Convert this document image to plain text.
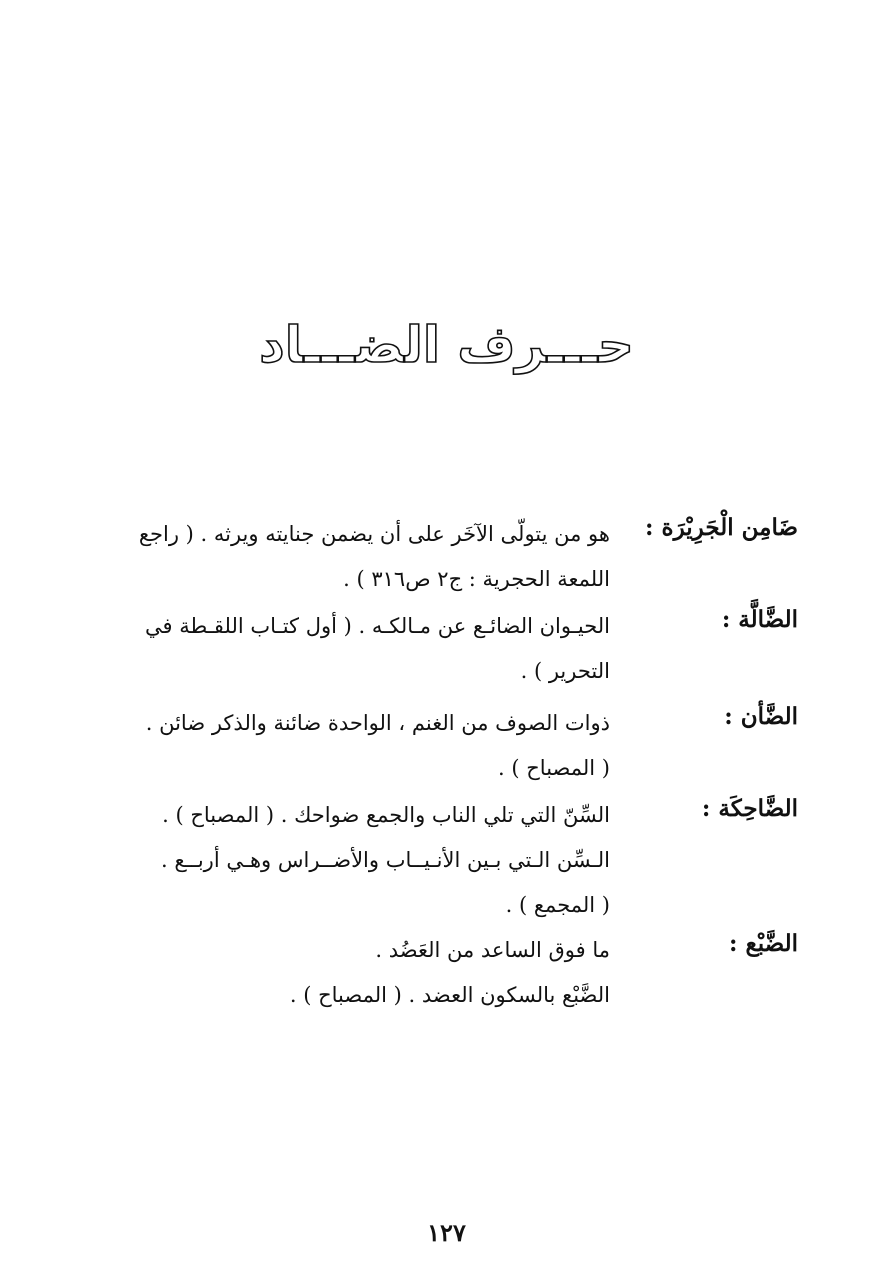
حـــرف الضـــاد
ضَامِن الْجَرِيْرَة :
هو من يتولّى الآخَر على أن يضمن جنايته ويرثه . ( راجع
اللمعة الحجرية : ج٢ ص٣١٦ ) .
الضَّالَّة :
الحيـوان الضائـع عن مـالكـه . ( أول كتـاب اللقـطة في
التحرير ) .
الضَّأن :
ذوات الصوف من الغنم ، الواحدة ضائنة والذكر ضائن .
( المصباح ) .
الضَّاحِكَة :
السِّنّ التي تلي الناب والجمع ضواحك . ( المصباح ) .
الـسِّن الـتي بـين الأنـيــاب والأضــراس وهـي أربــع .
( المجمع ) .
الضَّبْع :
ما فوق الساعد من العَضُد .
الضَّبْع بالسكون العضد . ( المصباح ) .
١٢٧
